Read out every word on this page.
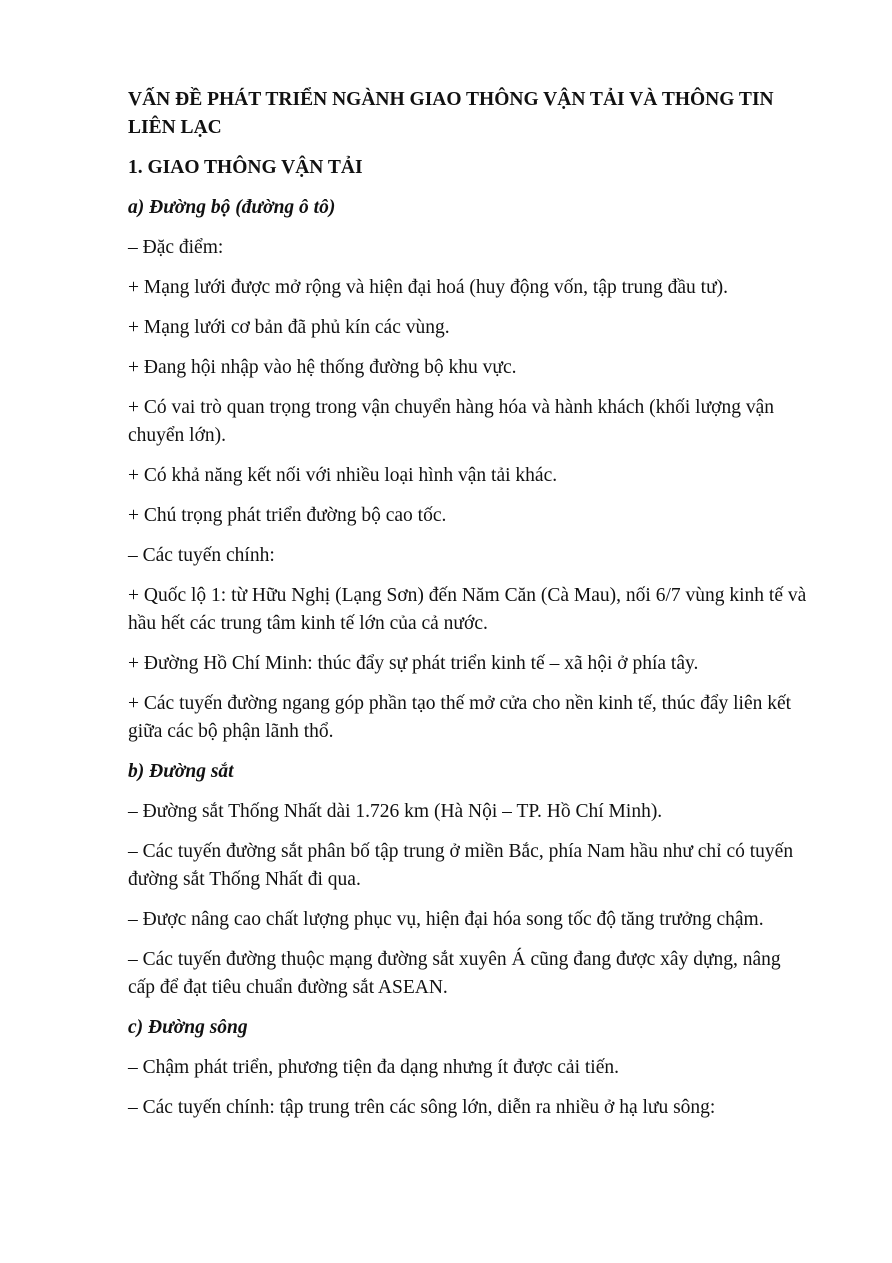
VẤN ĐỀ PHÁT TRIỂN NGÀNH GIAO THÔNG VẬN TẢI VÀ THÔNG TIN LIÊN LẠC
1. GIAO THÔNG VẬN TẢI
a) Đường bộ (đường ô tô)
– Đặc điểm:
+ Mạng lưới được mở rộng và hiện đại hoá (huy động vốn, tập trung đầu tư).
+ Mạng lưới cơ bản đã phủ kín các vùng.
+ Đang hội nhập vào hệ thống đường bộ khu vực.
+ Có vai trò quan trọng trong vận chuyển hàng hóa và hành khách (khối lượng vận chuyển lớn).
+ Có khả năng kết nối với nhiều loại hình vận tải khác.
+ Chú trọng phát triển đường bộ cao tốc.
– Các tuyến chính:
+ Quốc lộ 1: từ Hữu Nghị (Lạng Sơn) đến Năm Căn (Cà Mau), nối 6/7 vùng kinh tế và hầu hết các trung tâm kinh tế lớn của cả nước.
+ Đường Hồ Chí Minh: thúc đẩy sự phát triển kinh tế – xã hội ở phía tây.
+ Các tuyến đường ngang góp phần tạo thế mở cửa cho nền kinh tế, thúc đẩy liên kết giữa các bộ phận lãnh thổ.
b) Đường sắt
– Đường sắt Thống Nhất dài 1.726 km (Hà Nội – TP. Hồ Chí Minh).
– Các tuyến đường sắt phân bố tập trung ở miền Bắc, phía Nam hầu như chỉ có tuyến đường sắt Thống Nhất đi qua.
– Được nâng cao chất lượng phục vụ, hiện đại hóa song tốc độ tăng trưởng chậm.
– Các tuyến đường thuộc mạng đường sắt xuyên Á cũng đang được xây dựng, nâng cấp để đạt tiêu chuẩn đường sắt ASEAN.
c) Đường sông
– Chậm phát triển, phương tiện đa dạng nhưng ít được cải tiến.
– Các tuyến chính: tập trung trên các sông lớn, diễn ra nhiều ở hạ lưu sông:
